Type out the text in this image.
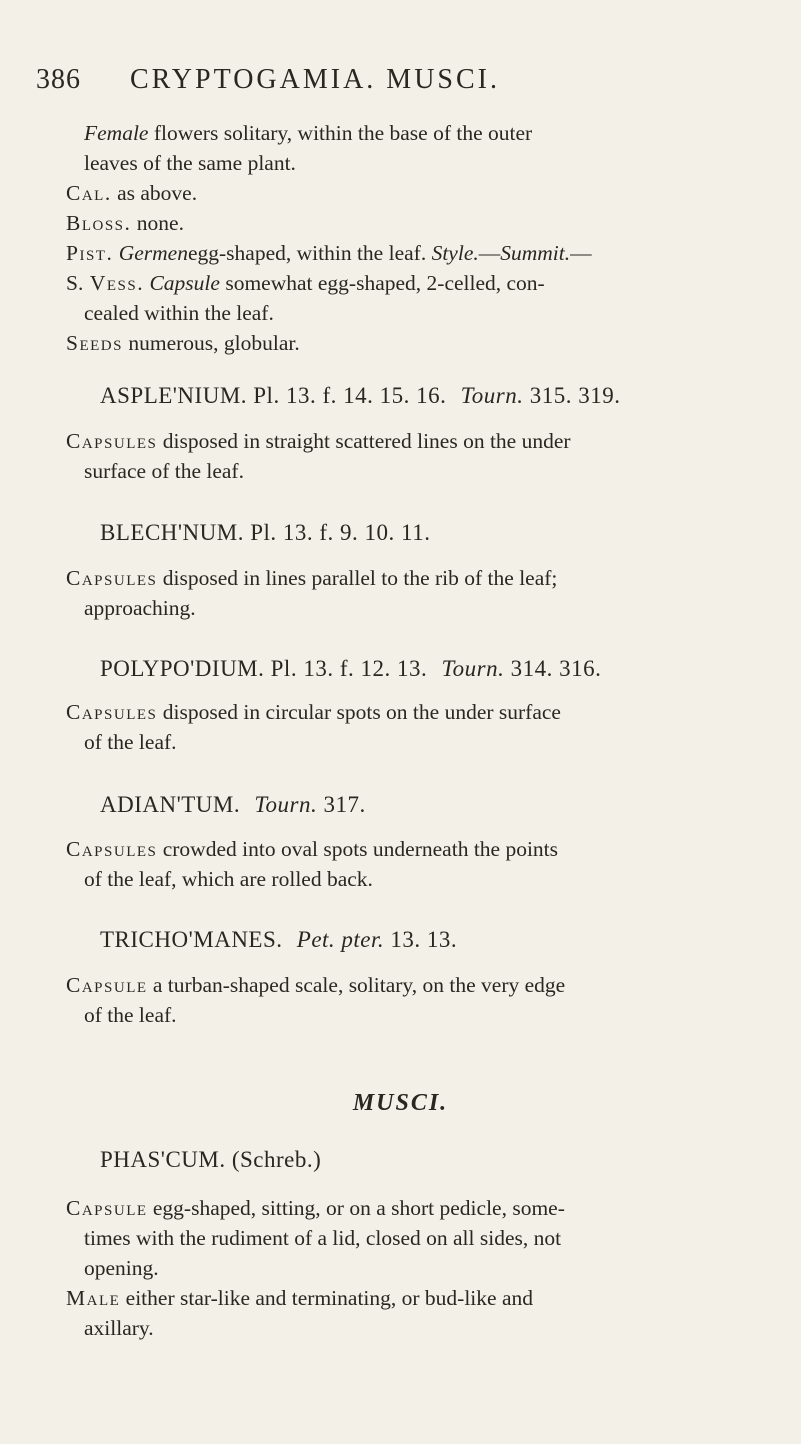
386 CRYPTOGAMIA. MUSCI.

Female flowers solitary, within the base of the outer
leaves of the same plant.

Cal. as above.

Bloss. none.

Pist. Germenegg-shaped, within the leaf. Style.—Summit.—

S. Vess. Capsule somewhat egg-shaped, 2-celled, con-
cealed within the leaf.

Seeds numerous, globular.

ASPLE'NIUM. Pl. 13. f. 14. 15. 16. Tourn. 315. 319.

Capsules disposed in straight scattered lines on the under
surface of the leaf.

BLECH'NUM. Pl. 13. f. 9. 10. 11.

Capsules disposed in lines parallel to the rib of the leaf;
approaching.

POLYPO'DIUM. Pl. 13. f. 12. 13. Tourn. 314. 316.

Capsules disposed in circular spots on the under surface
of the leaf.

ADIAN'TUM. Tourn. 317.

Capsules crowded into oval spots underneath the points
of the leaf, which are rolled back.

TRICHO'MANES. Pet. pter. 13. 13.

Capsule a turban-shaped scale, solitary, on the very edge
of the leaf.

MUSCI.

PHAS'CUM. (Schreb.)

Capsule egg-shaped, sitting, or on a short pedicle, some-
times with the rudiment of a lid, closed on all sides, not
opening.

Male either star-like and terminating, or bud-like and
axillary.
